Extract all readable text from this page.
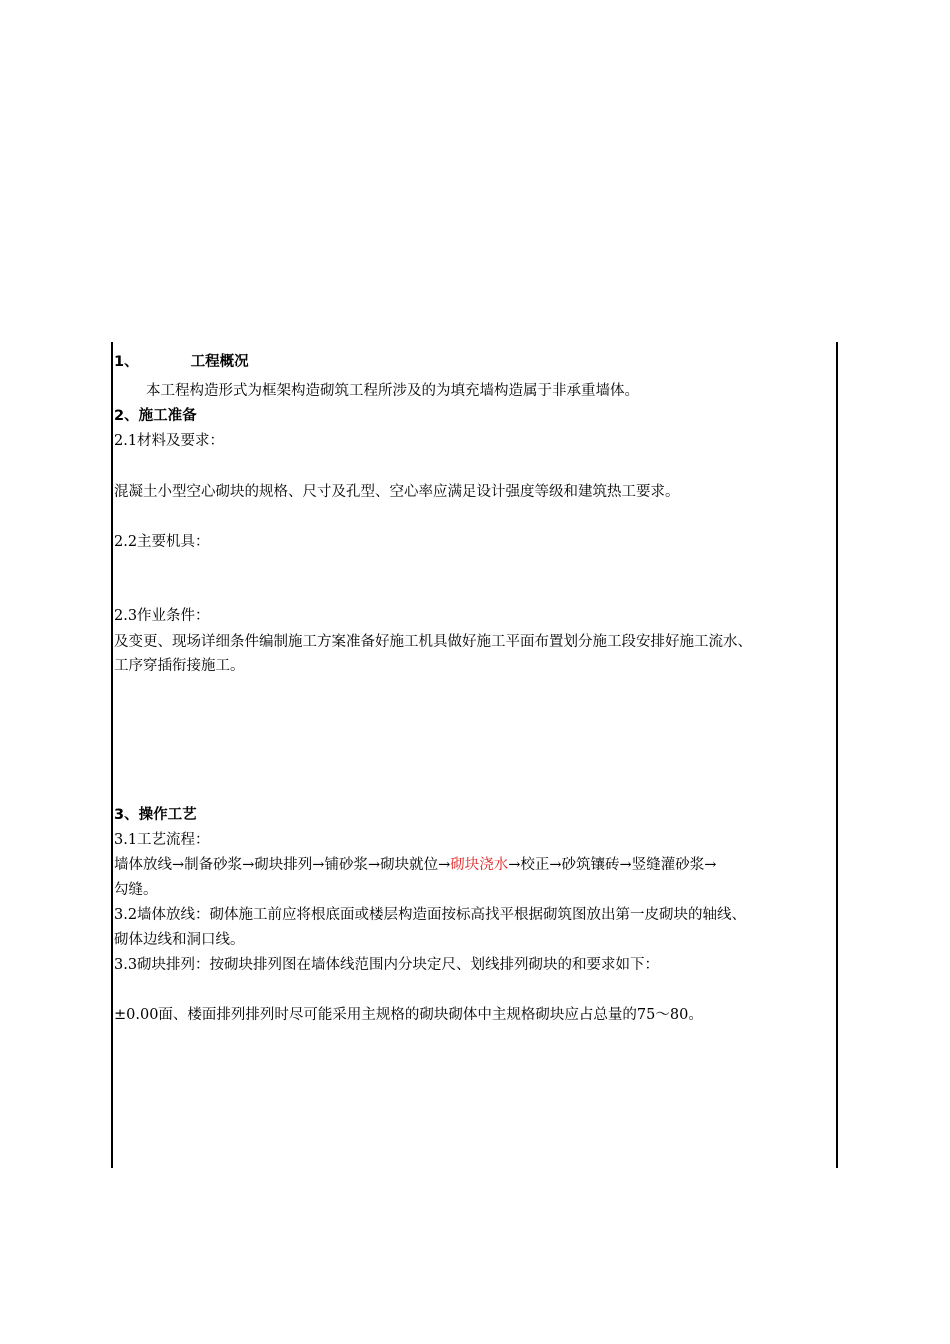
1、	工程概况
本工程构造形式为框架构造砌筑工程所涉及的为填充墙构造属于非承重墙体。
2、施工准备
2.1材料及要求：
混凝土小型空心砌块的规格、尺寸及孔型、空心率应满足设计强度等级和建筑热工要求。
2.2主要机具：
2.3作业条件：
及变更、现场详细条件编制施工方案准备好施工机具做好施工平面布置划分施工段安排好施工流水、
工序穿插衔接施工。
3、操作工艺
3.1工艺流程：
墙体放线→制备砂浆→砌块排列→铺砂浆→砌块就位→砌块浇水→校正→砂筑镶砖→竖缝灌砂浆→
勾缝。
3.2墙体放线：砌体施工前应将根底面或楼层构造面按标高找平根据砌筑图放出第一皮砌块的轴线、
砌体边线和洞口线。
3.3砌块排列：按砌块排列图在墙体线范围内分块定尺、划线排列砌块的和要求如下：
±0.00面、楼面排列排列时尽可能采用主规格的砌块砌体中主规格砌块应占总量的75～80。
